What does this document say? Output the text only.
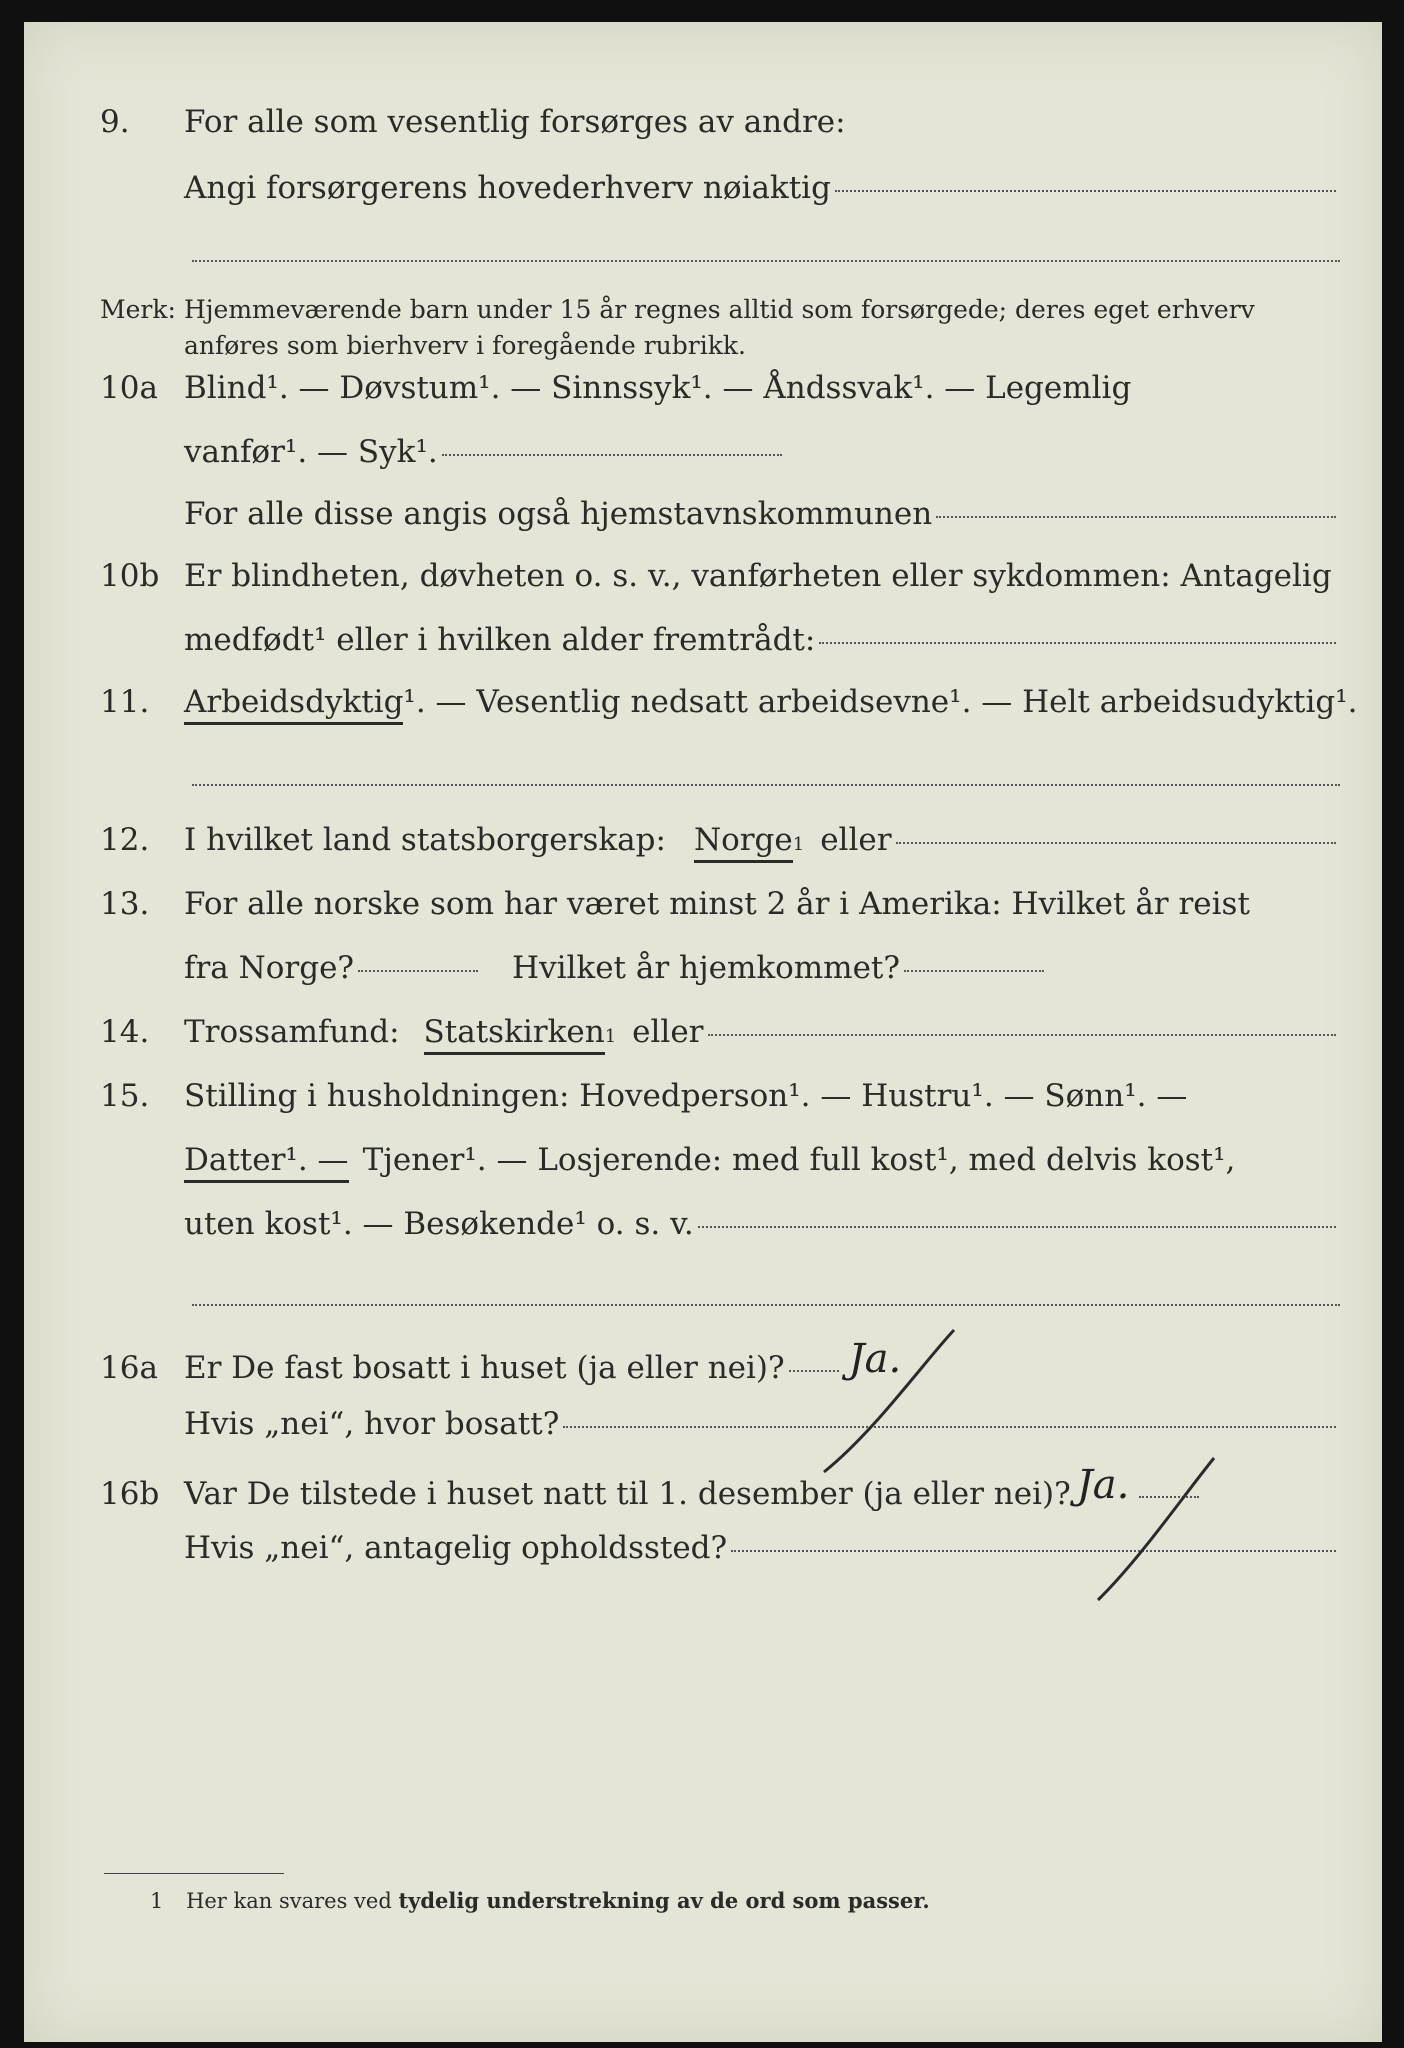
9.	For alle som vesentlig forsørges av andre:
Angi forsørgerens hovederhverv nøiaktig
Merk: Hjemmeværende barn under 15 år regnes alltid som forsørgede; deres eget erhverv
anføres som bierhverv i foregående rubrikk.
10a Blind¹. — Døvstum¹. — Sinnssyk¹. — Åndssvak¹. — Legemlig
vanfør¹. — Syk¹.
For alle disse angis også hjemstavnskommunen
10b Er blindheten, døvheten o. s. v., vanførheten eller sykdommen: Antagelig
medfødt¹ eller i hvilken alder fremtrådt:
11.	Arbeidsdyktig ¹. — Vesentlig nedsatt arbeidsevne¹. — Helt arbeidsudyktig¹.
12.	I hvilket land statsborgerskap: Norge 1 eller
13.	For alle norske som har været minst 2 år i Amerika: Hvilket år reist
fra Norge?	Hvilket år hjemkommet?
14.	Trossamfund: Statskirken 1 eller
15.	Stilling i husholdningen: Hovedperson¹. — Hustru¹. — Sønn¹. —
Datter¹. — Tjener¹. — Losjerende: med full kost¹, med delvis kost¹,
uten kost¹. — Besøkende¹ o. s. v.
16a Er De fast bosatt i huset (ja eller nei)? Ja.
Hvis „nei“, hvor bosatt?
16b Var De tilstede i huset natt til 1. desember (ja eller nei)? Ja.
Hvis „nei“, antagelig opholdssted?
1 Her kan svares ved tydelig understrekning av de ord som passer.
